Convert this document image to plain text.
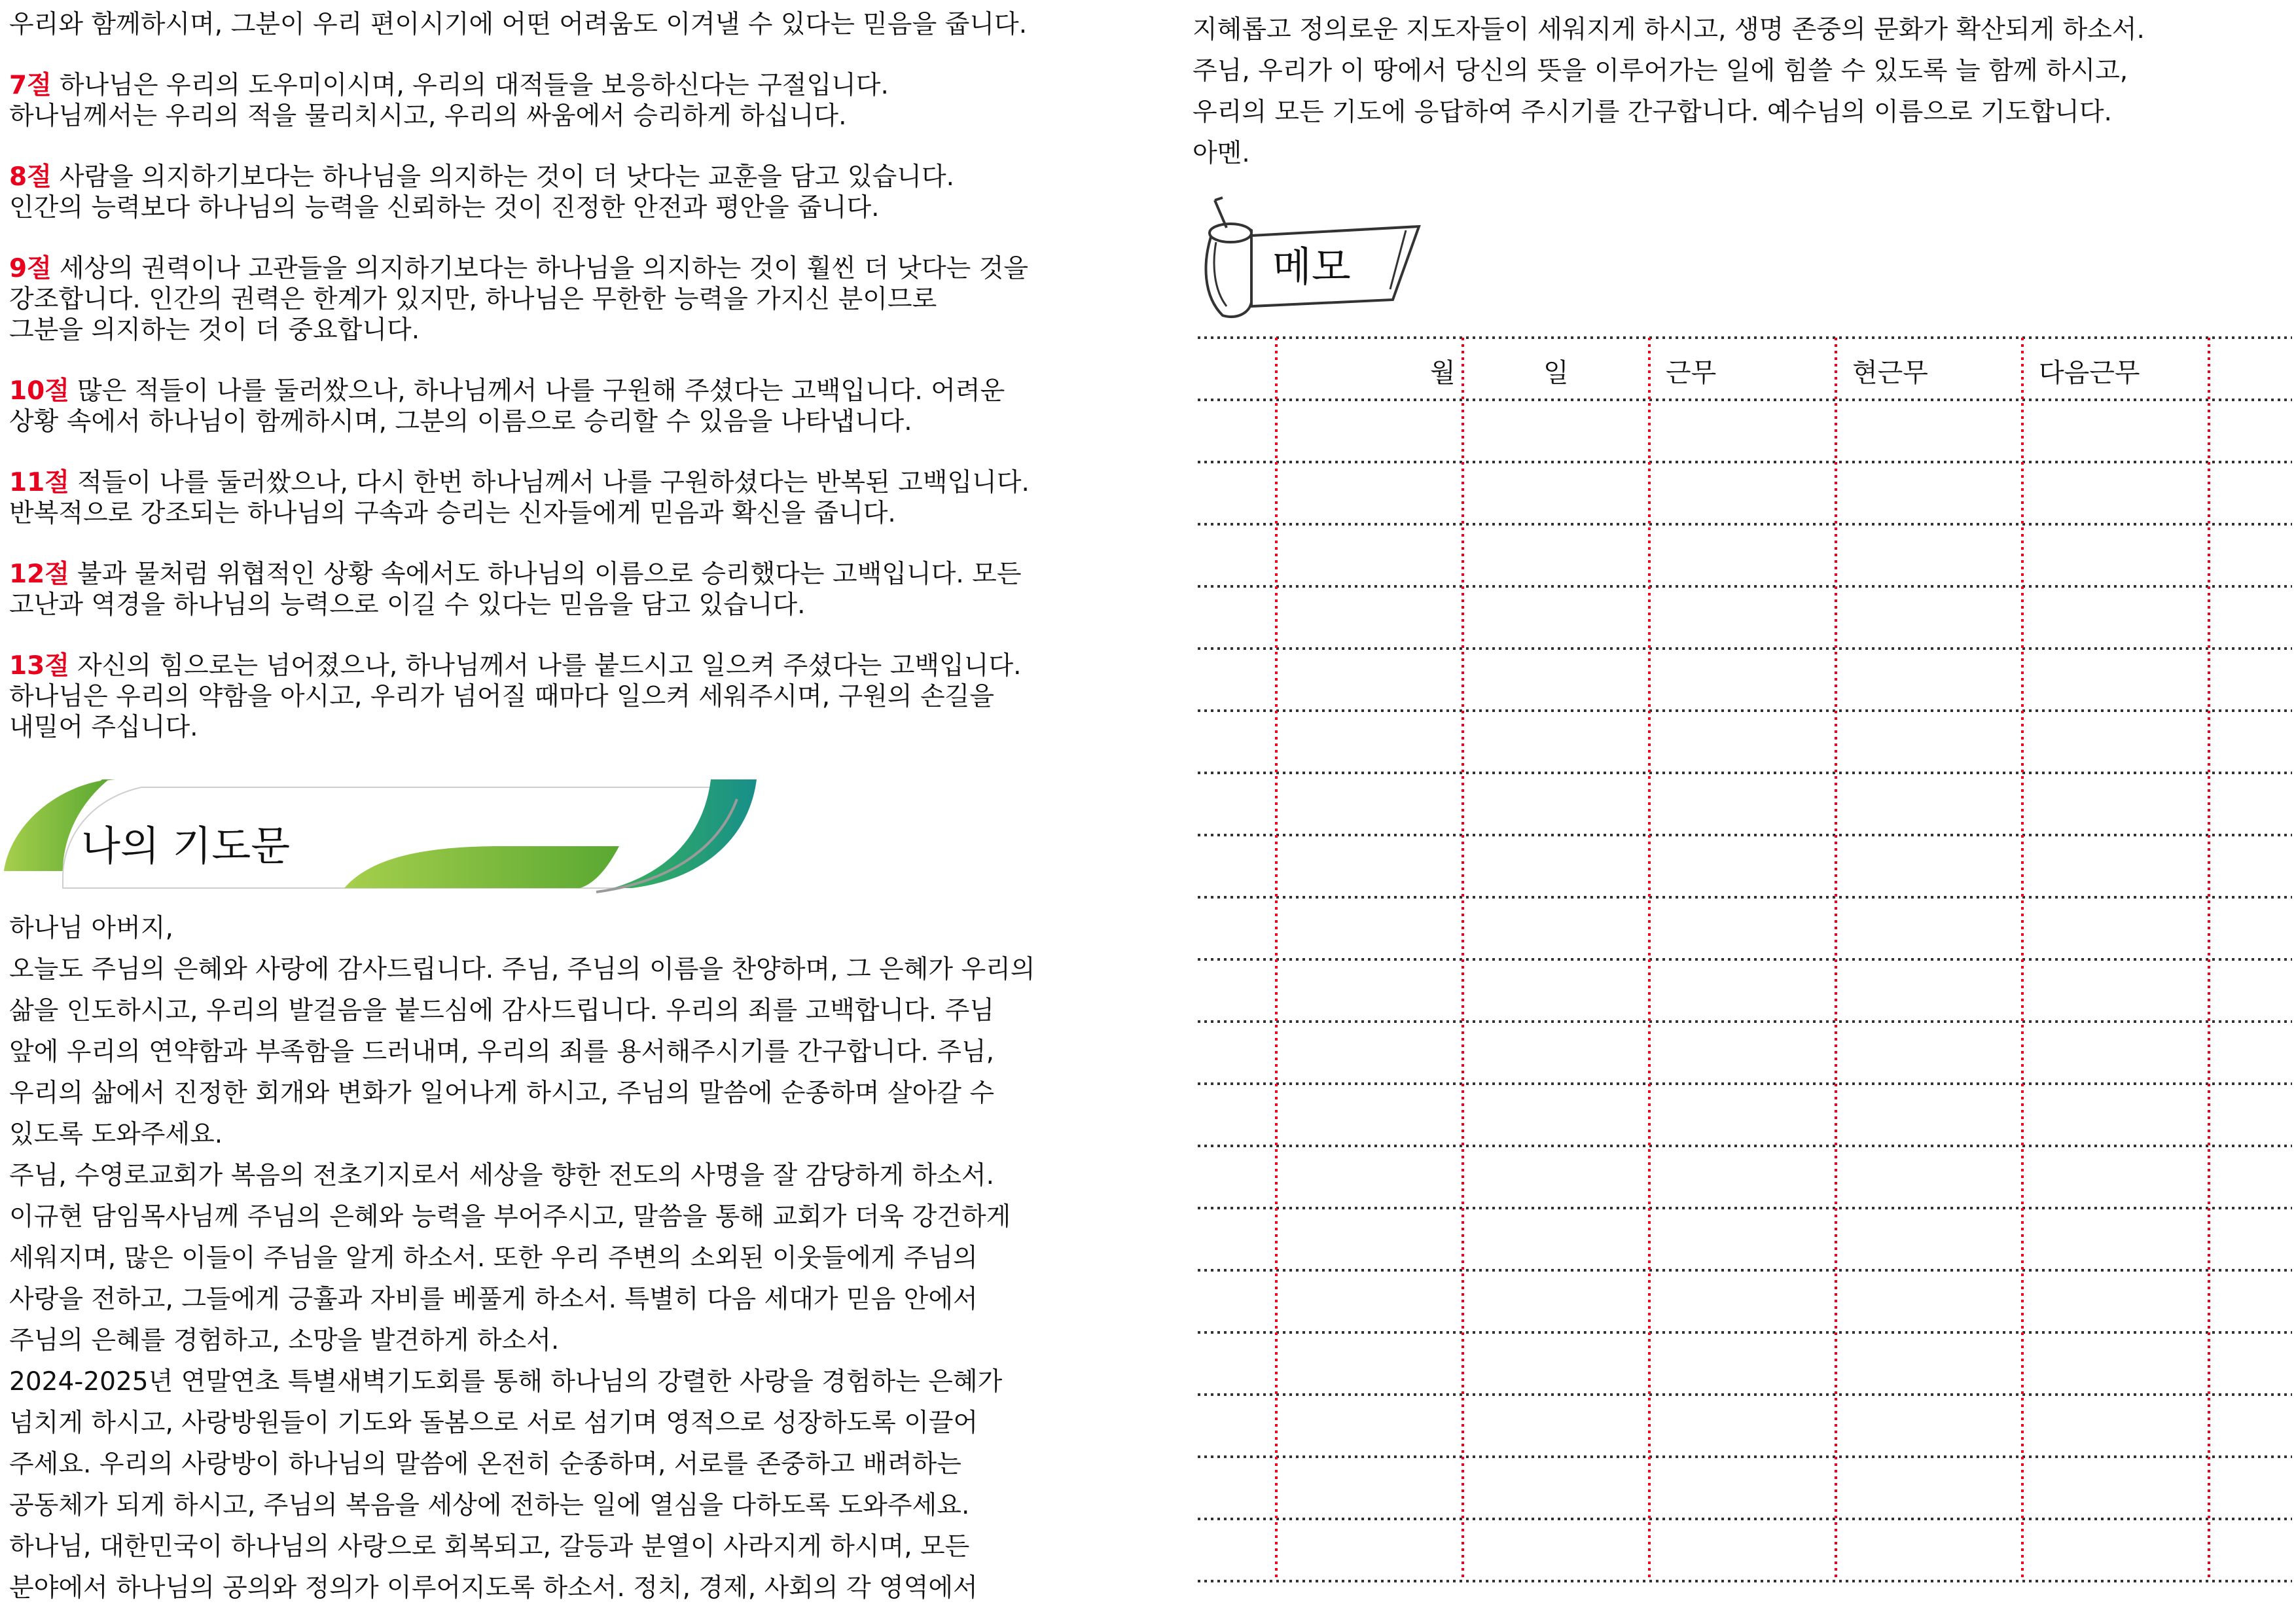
우리와 함께하시며, 그분이 우리 편이시기에 어떤 어려움도 이겨낼 수 있다는 믿음을 줍니다.

7절 하나님은 우리의 도우미이시며, 우리의 대적들을 보응하신다는 구절입니다.

하나님께서는 우리의 적을 물리치시고, 우리의 싸움에서 승리하게 하십니다.

8절 사람을 의지하기보다는 하나님을 의지하는 것이 더 낫다는 교훈을 담고 있습니다.

인간의 능력보다 하나님의 능력을 신뢰하는 것이 진정한 안전과 평안을 줍니다.

9절 세상의 권력이나 고관들을 의지하기보다는 하나님을 의지하는 것이 훨씬 더 낫다는 것을

강조합니다. 인간의 권력은 한계가 있지만, 하나님은 무한한 능력을 가지신 분이므로

그분을 의지하는 것이 더 중요합니다.

10절 많은 적들이 나를 둘러쌌으나, 하나님께서 나를 구원해 주셨다는 고백입니다. 어려운

상황 속에서 하나님이 함께하시며, 그분의 이름으로 승리할 수 있음을 나타냅니다.

11절 적들이 나를 둘러쌌으나, 다시 한번 하나님께서 나를 구원하셨다는 반복된 고백입니다.

반복적으로 강조되는 하나님의 구속과 승리는 신자들에게 믿음과 확신을 줍니다.

12절 불과 물처럼 위협적인 상황 속에서도 하나님의 이름으로 승리했다는 고백입니다. 모든

고난과 역경을 하나님의 능력으로 이길 수 있다는 믿음을 담고 있습니다.

13절 자신의 힘으로는 넘어졌으나, 하나님께서 나를 붙드시고 일으켜 주셨다는 고백입니다.

하나님은 우리의 약함을 아시고, 우리가 넘어질 때마다 일으켜 세워주시며, 구원의 손길을

내밀어 주십니다.

나의 기도문

하나님 아버지,

오늘도 주님의 은혜와 사랑에 감사드립니다. 주님, 주님의 이름을 찬양하며, 그 은혜가 우리의

삶을 인도하시고, 우리의 발걸음을 붙드심에 감사드립니다. 우리의 죄를 고백합니다. 주님

앞에 우리의 연약함과 부족함을 드러내며, 우리의 죄를 용서해주시기를 간구합니다. 주님,

우리의 삶에서 진정한 회개와 변화가 일어나게 하시고, 주님의 말씀에 순종하며 살아갈 수

있도록 도와주세요.

주님, 수영로교회가 복음의 전초기지로서 세상을 향한 전도의 사명을 잘 감당하게 하소서.

이규현 담임목사님께 주님의 은혜와 능력을 부어주시고, 말씀을 통해 교회가 더욱 강건하게

세워지며, 많은 이들이 주님을 알게 하소서. 또한 우리 주변의 소외된 이웃들에게 주님의

사랑을 전하고, 그들에게 긍휼과 자비를 베풀게 하소서. 특별히 다음 세대가 믿음 안에서

주님의 은혜를 경험하고, 소망을 발견하게 하소서.

2024-2025년 연말연초 특별새벽기도회를 통해 하나님의 강렬한 사랑을 경험하는 은혜가

넘치게 하시고, 사랑방원들이 기도와 돌봄으로 서로 섬기며 영적으로 성장하도록 이끌어

주세요. 우리의 사랑방이 하나님의 말씀에 온전히 순종하며, 서로를 존중하고 배려하는

공동체가 되게 하시고, 주님의 복음을 세상에 전하는 일에 열심을 다하도록 도와주세요.

하나님, 대한민국이 하나님의 사랑으로 회복되고, 갈등과 분열이 사라지게 하시며, 모든

분야에서 하나님의 공의와 정의가 이루어지도록 하소서. 정치, 경제, 사회의 각 영역에서

지혜롭고 정의로운 지도자들이 세워지게 하시고, 생명 존중의 문화가 확산되게 하소서.

주님, 우리가 이 땅에서 당신의 뜻을 이루어가는 일에 힘쓸 수 있도록 늘 함께 하시고,

우리의 모든 기도에 응답하여 주시기를 간구합니다. 예수님의 이름으로 기도합니다.

아멘.

메모
월	일	근무	현근무	다음근무
